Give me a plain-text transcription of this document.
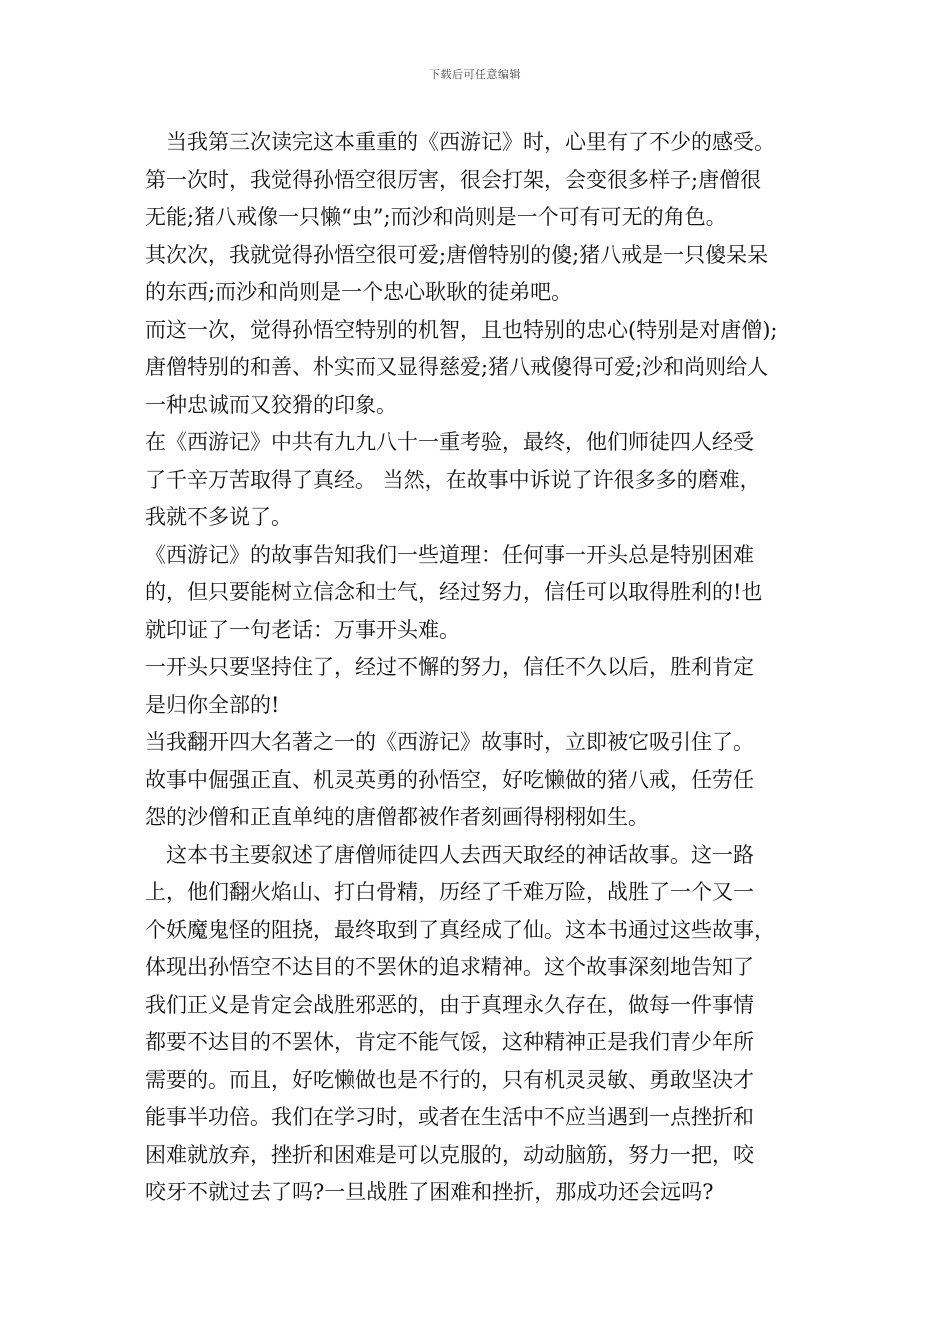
下载后可任意编辑
当我第三次读完这本重重的《西游记》时，心里有了不少的感受。
第一次时，我觉得孙悟空很厉害，很会打架，会变很多样子;唐僧很
无能;猪八戒像一只懒“虫”;而沙和尚则是一个可有可无的角色。
其次次，我就觉得孙悟空很可爱;唐僧特别的傻;猪八戒是一只傻呆呆
的东西;而沙和尚则是一个忠心耿耿的徒弟吧。
而这一次，觉得孙悟空特别的机智，且也特别的忠心(特别是对唐僧);
唐僧特别的和善、朴实而又显得慈爱;猪八戒傻得可爱;沙和尚则给人
一种忠诚而又狡猾的印象。
在《西游记》中共有九九八十一重考验，最终，他们师徒四人经受
了千辛万苦取得了真经。 当然，在故事中诉说了许很多多的磨难，
我就不多说了。
《西游记》的故事告知我们一些道理：任何事一开头总是特别困难
的，但只要能树立信念和士气，经过努力，信任可以取得胜利的!也
就印证了一句老话：万事开头难。
一开头只要坚持住了，经过不懈的努力，信任不久以后，胜利肯定
是归你全部的!
当我翻开四大名著之一的《西游记》故事时，立即被它吸引住了。
故事中倔强正直、机灵英勇的孙悟空，好吃懒做的猪八戒，任劳任
怨的沙僧和正直单纯的唐僧都被作者刻画得栩栩如生。
这本书主要叙述了唐僧师徒四人去西天取经的神话故事。这一路
上，他们翻火焰山、打白骨精，历经了千难万险，战胜了一个又一
个妖魔鬼怪的阻挠，最终取到了真经成了仙。这本书通过这些故事，
体现出孙悟空不达目的不罢休的追求精神。这个故事深刻地告知了
我们正义是肯定会战胜邪恶的，由于真理永久存在，做每一件事情
都要不达目的不罢休，肯定不能气馁，这种精神正是我们青少年所
需要的。而且，好吃懒做也是不行的，只有机灵灵敏、勇敢坚决才
能事半功倍。我们在学习时，或者在生活中不应当遇到一点挫折和
困难就放弃，挫折和困难是可以克服的，动动脑筋，努力一把，咬
咬牙不就过去了吗?一旦战胜了困难和挫折，那成功还会远吗?
